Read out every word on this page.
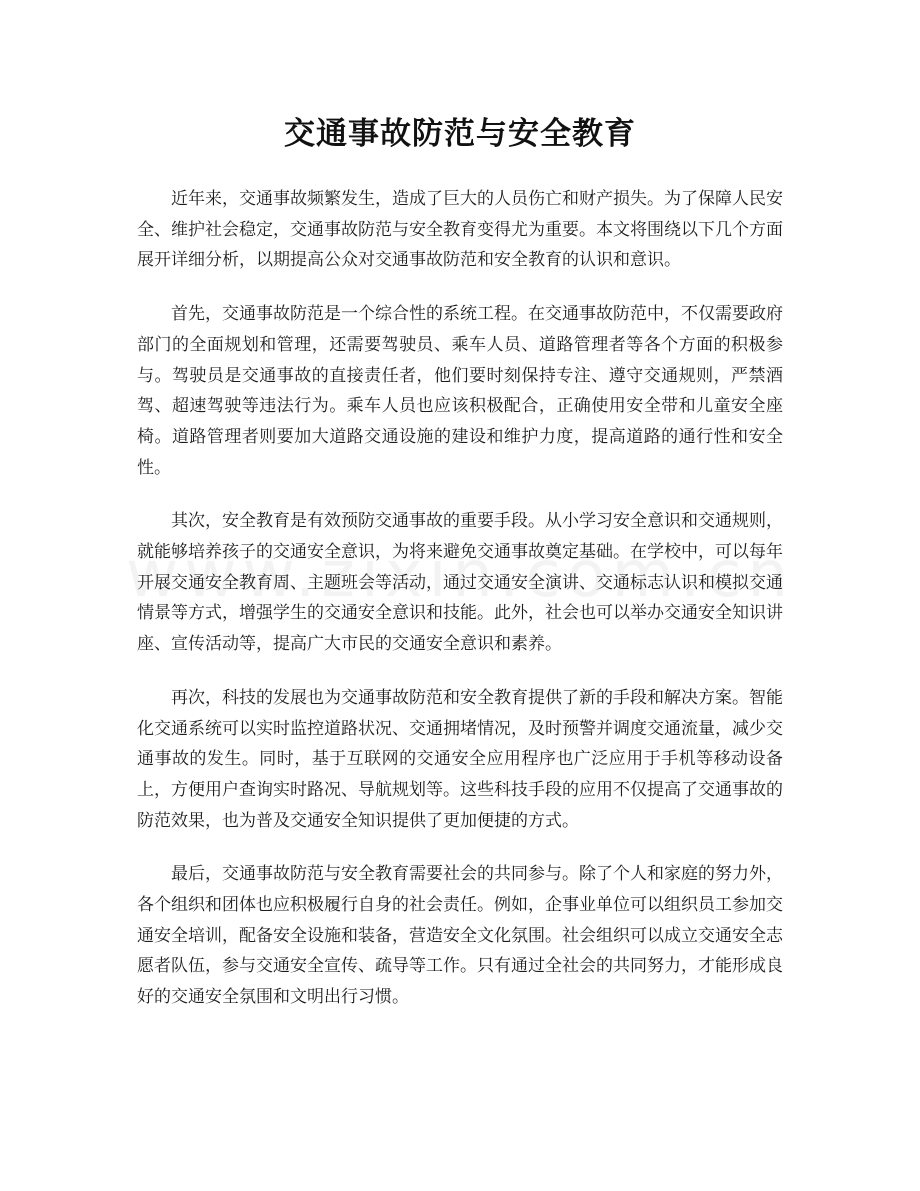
交通事故防范与安全教育

近年来，交通事故频繁发生，造成了巨大的人员伤亡和财产损失。为了保障人民安全、维护社会稳定，交通事故防范与安全教育变得尤为重要。本文将围绕以下几个方面展开详细分析，以期提高公众对交通事故防范和安全教育的认识和意识。

首先，交通事故防范是一个综合性的系统工程。在交通事故防范中，不仅需要政府部门的全面规划和管理，还需要驾驶员、乘车人员、道路管理者等各个方面的积极参与。驾驶员是交通事故的直接责任者，他们要时刻保持专注、遵守交通规则，严禁酒驾、超速驾驶等违法行为。乘车人员也应该积极配合，正确使用安全带和儿童安全座椅。道路管理者则要加大道路交通设施的建设和维护力度，提高道路的通行性和安全性。

其次，安全教育是有效预防交通事故的重要手段。从小学习安全意识和交通规则，就能够培养孩子的交通安全意识，为将来避免交通事故奠定基础。在学校中，可以每年开展交通安全教育周、主题班会等活动，通过交通安全演讲、交通标志认识和模拟交通情景等方式，增强学生的交通安全意识和技能。此外，社会也可以举办交通安全知识讲座、宣传活动等，提高广大市民的交通安全意识和素养。

再次，科技的发展也为交通事故防范和安全教育提供了新的手段和解决方案。智能化交通系统可以实时监控道路状况、交通拥堵情况，及时预警并调度交通流量，减少交通事故的发生。同时，基于互联网的交通安全应用程序也广泛应用于手机等移动设备上，方便用户查询实时路况、导航规划等。这些科技手段的应用不仅提高了交通事故的防范效果，也为普及交通安全知识提供了更加便捷的方式。

最后，交通事故防范与安全教育需要社会的共同参与。除了个人和家庭的努力外，各个组织和团体也应积极履行自身的社会责任。例如，企事业单位可以组织员工参加交通安全培训，配备安全设施和装备，营造安全文化氛围。社会组织可以成立交通安全志愿者队伍，参与交通安全宣传、疏导等工作。只有通过全社会的共同努力，才能形成良好的交通安全氛围和文明出行习惯。
